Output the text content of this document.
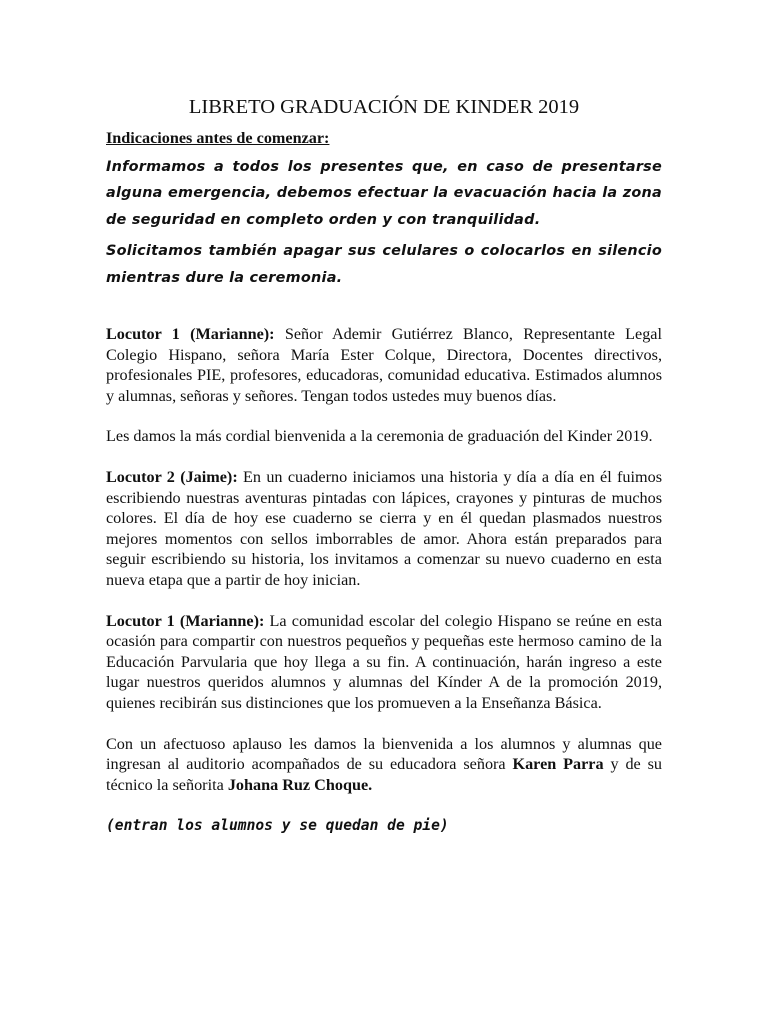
LIBRETO GRADUACIÓN DE KINDER 2019

Indicaciones antes de comenzar:

Informamos a todos los presentes que, en caso de presentarse alguna emergencia, debemos efectuar la evacuación hacia la zona de seguridad en completo orden y con tranquilidad.

Solicitamos también apagar sus celulares o colocarlos en silencio mientras dure la ceremonia.

Locutor 1 (Marianne): Señor Ademir Gutiérrez Blanco, Representante Legal Colegio Hispano, señora María Ester Colque, Directora, Docentes directivos, profesionales PIE, profesores, educadoras, comunidad educativa. Estimados alumnos y alumnas, señoras y señores. Tengan todos ustedes muy buenos días.

Les damos la más cordial bienvenida a la ceremonia de graduación del Kinder 2019.

Locutor 2 (Jaime): En un cuaderno iniciamos una historia y día a día en él fuimos escribiendo nuestras aventuras pintadas con lápices, crayones y pinturas de muchos colores. El día de hoy ese cuaderno se cierra y en él quedan plasmados nuestros mejores momentos con sellos imborrables de amor. Ahora están preparados para seguir escribiendo su historia, los invitamos a comenzar su nuevo cuaderno en esta nueva etapa que a partir de hoy inician.

Locutor 1 (Marianne): La comunidad escolar del colegio Hispano se reúne en esta ocasión para compartir con nuestros pequeños y pequeñas este hermoso camino de la Educación Parvularia que hoy llega a su fin. A continuación, harán ingreso a este lugar nuestros queridos alumnos y alumnas del Kínder A de la promoción 2019, quienes recibirán sus distinciones que los promueven a la Enseñanza Básica.

Con un afectuoso aplauso les damos la bienvenida a los alumnos y alumnas que ingresan al auditorio acompañados de su educadora señora Karen Parra y de su técnico la señorita Johana Ruz Choque.

(entran los alumnos y se quedan de pie)
